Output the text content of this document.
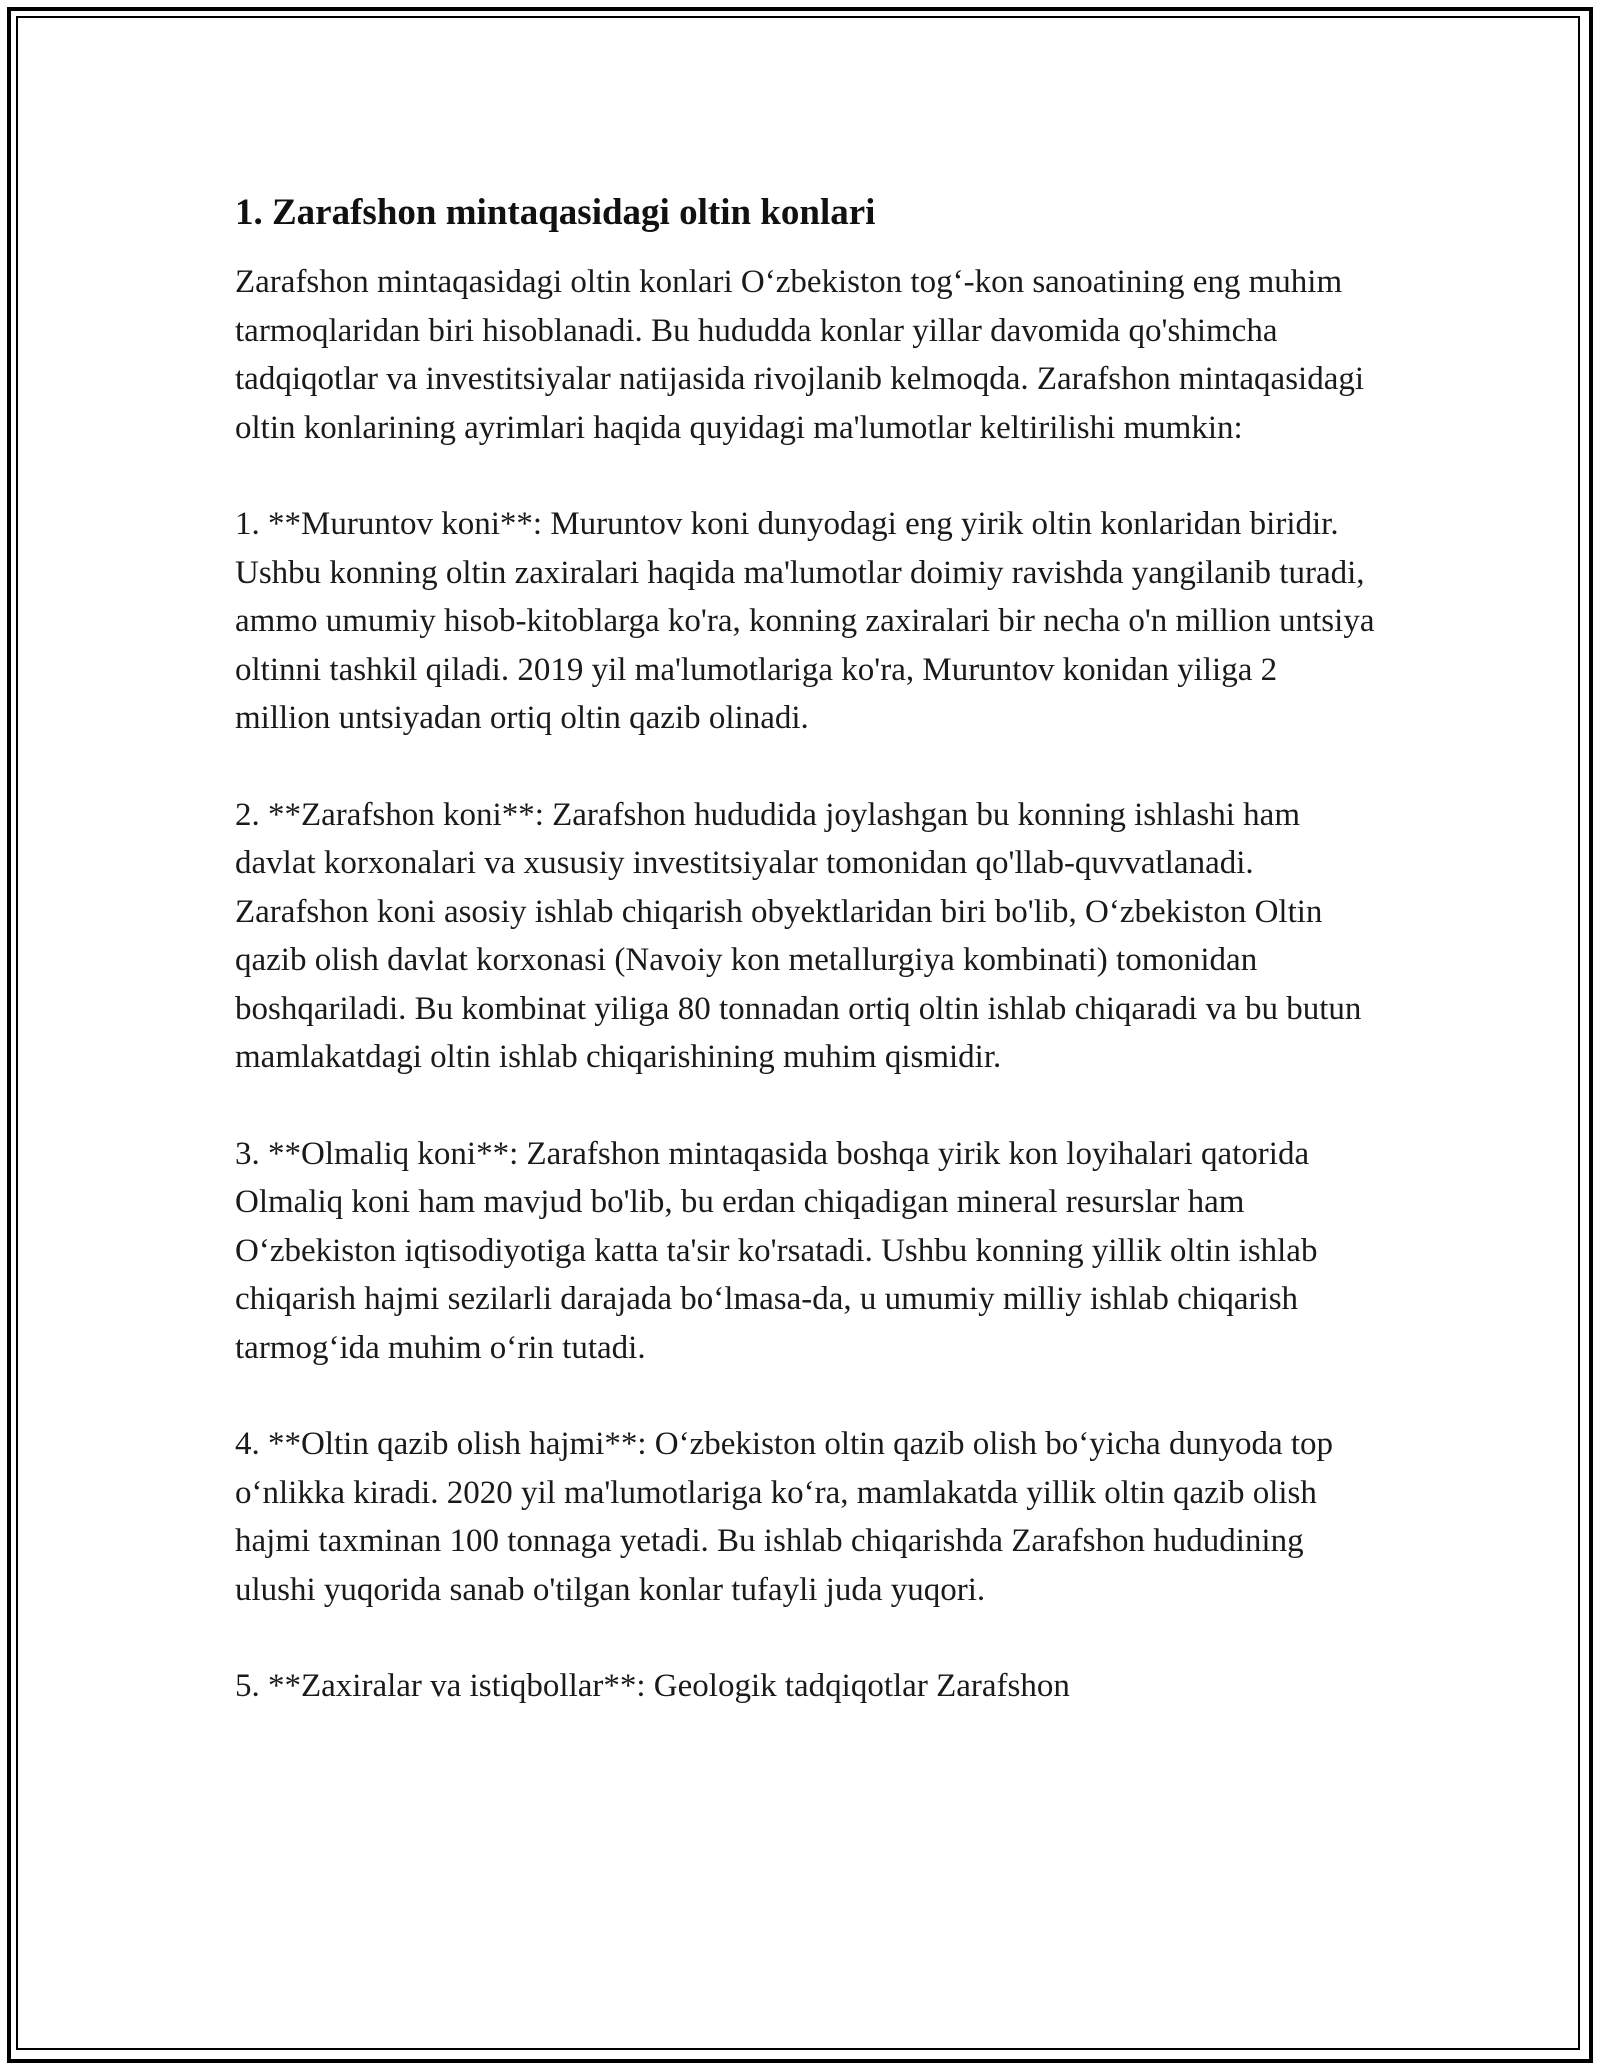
1. Zarafshon mintaqasidagi oltin konlari

Zarafshon mintaqasidagi oltin konlari O‘zbekiston tog‘-kon sanoatining eng muhim tarmoqlaridan biri hisoblanadi. Bu hududda konlar yillar davomida qo'shimcha tadqiqotlar va investitsiyalar natijasida rivojlanib kelmoqda. Zarafshon mintaqasidagi oltin konlarining ayrimlari haqida quyidagi ma'lumotlar keltirilishi mumkin:

1. **Muruntov koni**: Muruntov koni dunyodagi eng yirik oltin konlaridan biridir. Ushbu konning oltin zaxiralari haqida ma'lumotlar doimiy ravishda yangilanib turadi, ammo umumiy hisob-kitoblarga ko'ra, konning zaxiralari bir necha o'n million untsiya oltinni tashkil qiladi. 2019 yil ma'lumotlariga ko'ra, Muruntov konidan yiliga 2 million untsiyadan ortiq oltin qazib olinadi.

2. **Zarafshon koni**: Zarafshon hududida joylashgan bu konning ishlashi ham davlat korxonalari va xususiy investitsiyalar tomonidan qo'llab-quvvatlanadi. Zarafshon koni asosiy ishlab chiqarish obyektlaridan biri bo'lib, O‘zbekiston Oltin qazib olish davlat korxonasi (Navoiy kon metallurgiya kombinati) tomonidan boshqariladi. Bu kombinat yiliga 80 tonnadan ortiq oltin ishlab chiqaradi va bu butun mamlakatdagi oltin ishlab chiqarishining muhim qismidir.

3. **Olmaliq koni**: Zarafshon mintaqasida boshqa yirik kon loyihalari qatorida Olmaliq koni ham mavjud bo'lib, bu erdan chiqadigan mineral resurslar ham O‘zbekiston iqtisodiyotiga katta ta'sir ko'rsatadi. Ushbu konning yillik oltin ishlab chiqarish hajmi sezilarli darajada bo‘lmasa-da, u umumiy milliy ishlab chiqarish tarmog‘ida muhim o‘rin tutadi.

4. **Oltin qazib olish hajmi**: O‘zbekiston oltin qazib olish bo‘yicha dunyoda top o‘nlikka kiradi. 2020 yil ma'lumotlariga ko‘ra, mamlakatda yillik oltin qazib olish hajmi taxminan 100 tonnaga yetadi. Bu ishlab chiqarishda Zarafshon hududining ulushi yuqorida sanab o'tilgan konlar tufayli juda yuqori.

5. **Zaxiralar va istiqbollar**: Geologik tadqiqotlar Zarafshon
